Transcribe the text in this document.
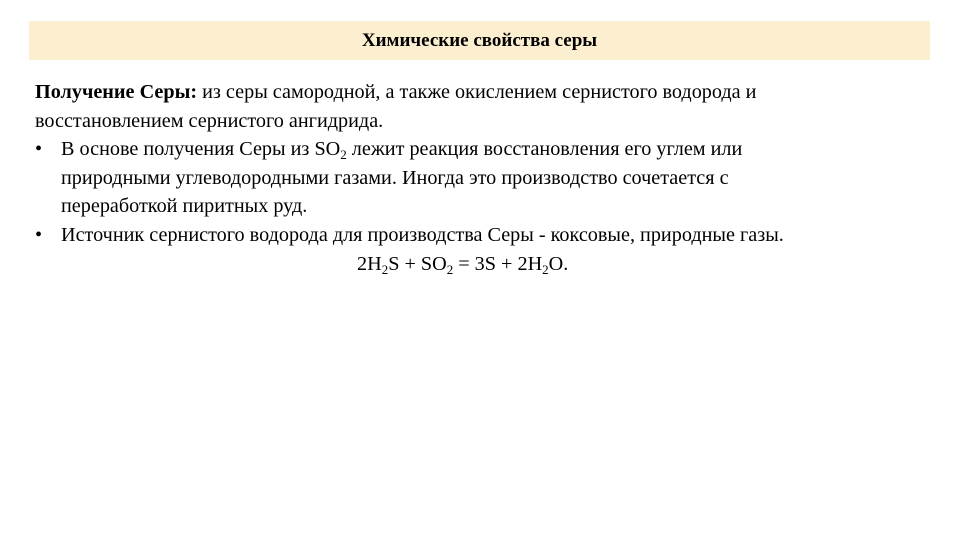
Химические свойства серы
Получение Серы: из серы самородной, а также окислением сернистого водорода и
восстановлением сернистого ангидрида.
• В основе получения Серы из $SO_2$ лежит реакция восстановления его углем или
природными углеводородными газами. Иногда это производство сочетается с
переработкой пиритных руд.
• Источник сернистого водорода для производства Серы - коксовые, природные газы.
$2H_2S + SO_2 = 3S + 2H_2O$.
